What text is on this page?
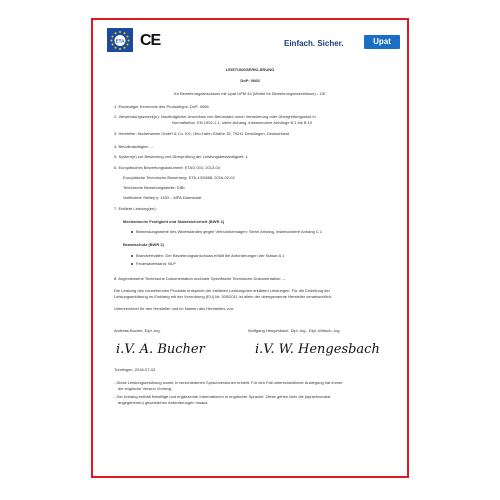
ETA CE	Einfach. Sicher.	Upat
LEISTUNGSERKLÄRUNG
DoP: 0066
für Bewehrungsanschluss mit Upat UPM 44 (Mörtel für Bewehrungsanschlüsse) – DE
1. Eindeutiger Kenncode des Produkttyps: DoP: 0066
2. Verwendungszweck(e): Nachträglicher Anschluss von Betonstahl durch Verankerung oder Übergreifungsstoß in
Normalbeton, EN 1992-1-1, siehe Anhang, insbesondere Anhänge B 1 bis B 10
3. Hersteller: fischerwerke GmbH & Co. KG, Otto-Hahn-Straße 15, 79211 Denzlingen, Deutschland
4. Bevollmächtigter: --
5. System(e) zur Bewertung und Überprüfung der Leistungsbeständigkeit: 1
6. Europäisches Bewertungsdokument: ETAG 001; 2013-04
Europäische Technische Bewertung: ETA-13/0888; 2016-02-02
Technische Bewertungsstelle: DIBt
Notifizierte Stelle(n): 1343 – MPA Darmstadt
7. Erklärte Leistung(en):
Mechanische Festigkeit und Standsicherheit (BWR 1)
Bemessungswerte des Widerstandes gegen Verbundversagen: Siehe Anhang, insbesondere Anhang C 1
Brandschutz (BWR 2)
Brandverhalten: Der Bewehrungsanschluss erfüllt die Anforderungen der Klasse A 1
Feuerwiderstand: NLP
8. Angemessene Technische Dokumentation und/oder Spezifische Technische Dokumentation: --
Die Leistung des vorstehenden Produkts entspricht der erklärten Leistung/den erklärten Leistungen. Für die Erstellung der
Leistungserklärung im Einklang mit der Verordnung (EU) Nr. 305/2011 ist allein der obengenannte Hersteller verantwortlich.
Unterzeichnet für den Hersteller und im Namen des Herstellers von:
Andreas Bucher, Dipl.-Ing.	Wolfgang Hengesbach, Dipl.-Ing., Dipl.-Wirtsch.-Ing.
i.V. A. Bucher	i.V. W. Hengesbach
Tumlingen, 2018-07-03
- Diese Leistungserklärung wurde in verschiedenen Sprachversionen erstellt. Für den Fall unterschiedlicher Auslegung hat immer
die englische Version Vorrang.
- Der Anhang enthält freiwillige und ergänzende Informationen in englischer Sprache. Diese gehen über die (sprachneutral
angegebenen) gesetzlichen Anforderungen hinaus.
